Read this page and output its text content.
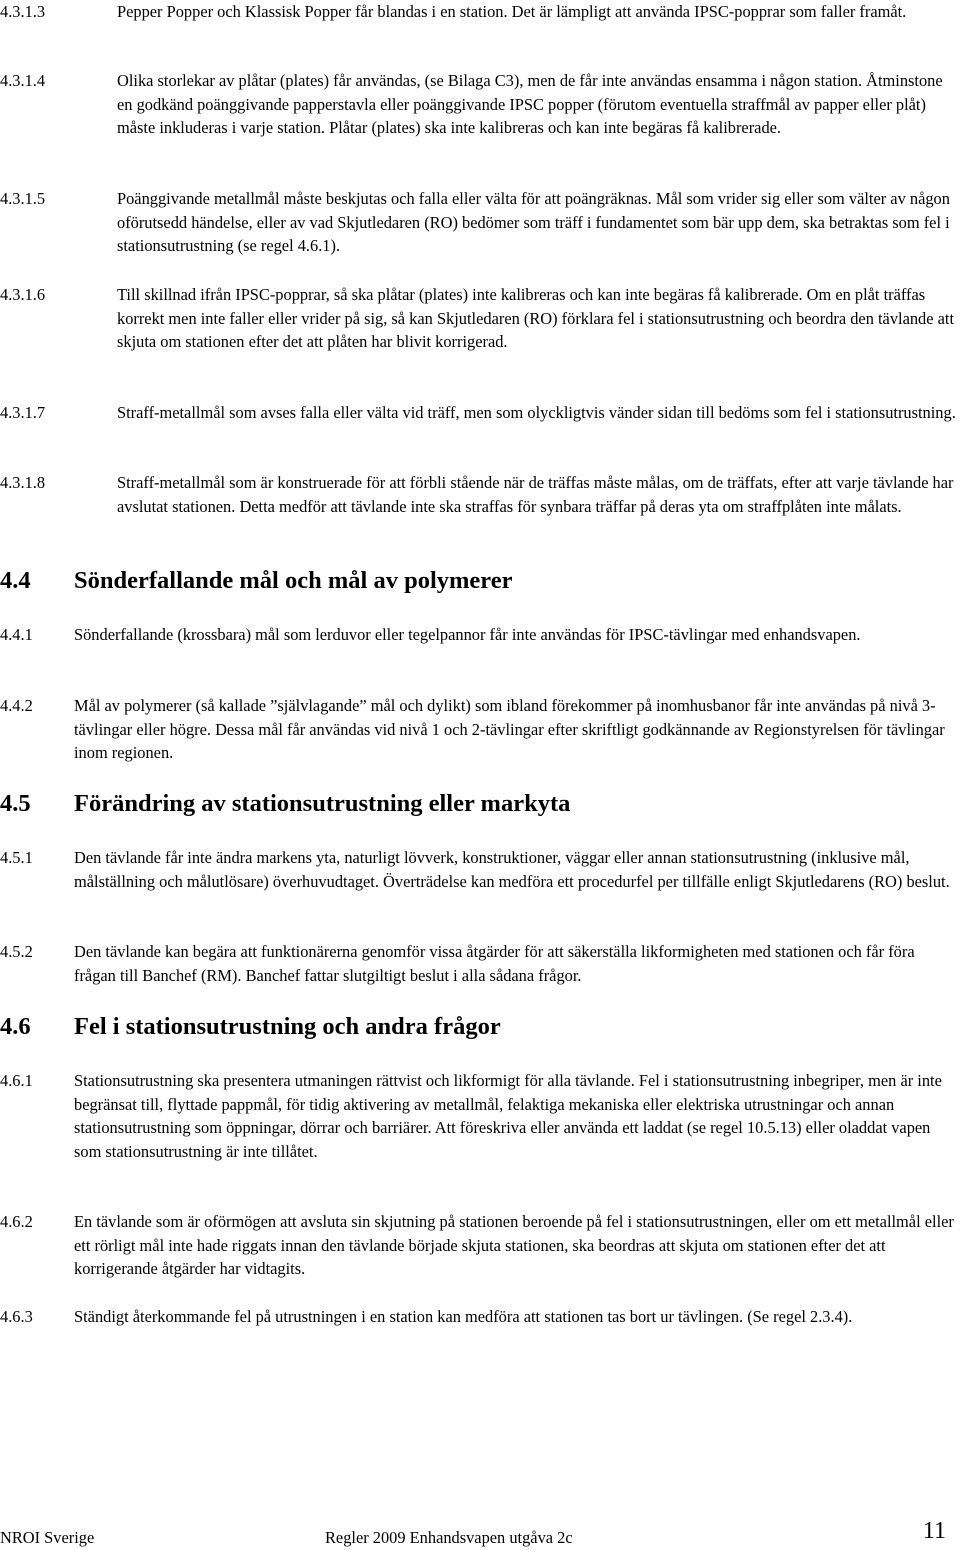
4.3.1.3	Pepper Popper och Klassisk Popper får blandas i en station. Det är lämpligt att använda IPSC-popprar som faller framåt.
4.3.1.4	Olika storlekar av plåtar (plates) får användas, (se Bilaga C3), men de får inte användas ensamma i någon station. Åtminstone en godkänd poänggivande papperstavla eller poänggivande IPSC popper (förutom eventuella straffmål av papper eller plåt) måste inkluderas i varje station. Plåtar (plates) ska inte kalibreras och kan inte begäras få kalibrerade.
4.3.1.5	Poänggivande metallmål måste beskjutas och falla eller välta för att poängräknas. Mål som vrider sig eller som välter av någon oförutsedd händelse, eller av vad Skjutledaren (RO) bedömer som träff i fundamentet som bär upp dem, ska betraktas som fel i stationsutrustning (se regel 4.6.1).
4.3.1.6	Till skillnad ifrån IPSC-popprar, så ska plåtar (plates) inte kalibreras och kan inte begäras få kalibrerade. Om en plåt träffas korrekt men inte faller eller vrider på sig, så kan Skjutledaren (RO) förklara fel i stationsutrustning och beordra den tävlande att skjuta om stationen efter det att plåten har blivit korrigerad.
4.3.1.7	Straff-metallmål som avses falla eller välta vid träff, men som olyckligtvis vänder sidan till bedöms som fel i stationsutrustning.
4.3.1.8	Straff-metallmål som är konstruerade för att förbli stående när de träffas måste målas, om de träffats, efter att varje tävlande har avslutat stationen. Detta medför att tävlande inte ska straffas för synbara träffar på deras yta om straffplåten inte målats.
4.4 Sönderfallande mål och mål av polymerer
4.4.1	Sönderfallande (krossbara) mål som lerduvor eller tegelpannor får inte användas för IPSC-tävlingar med enhandsvapen.
4.4.2	Mål av polymerer (så kallade ”självlagande” mål och dylikt) som ibland förekommer på inomhusbanor får inte användas på nivå 3-tävlingar eller högre. Dessa mål får användas vid nivå 1 och 2-tävlingar efter skriftligt godkännande av Regionstyrelsen för tävlingar inom regionen.
4.5 Förändring av stationsutrustning eller markyta
4.5.1	Den tävlande får inte ändra markens yta, naturligt lövverk, konstruktioner, väggar eller annan stationsutrustning (inklusive mål, målställning och målutlösare) överhuvudtaget. Överträdelse kan medföra ett procedurfel per tillfälle enligt Skjutledarens (RO) beslut.
4.5.2	Den tävlande kan begära att funktionärerna genomför vissa åtgärder för att säkerställa likformigheten med stationen och får föra frågan till Banchef (RM). Banchef fattar slutgiltigt beslut i alla sådana frågor.
4.6 Fel i stationsutrustning och andra frågor
4.6.1	Stationsutrustning ska presentera utmaningen rättvist och likformigt för alla tävlande. Fel i stationsutrustning inbegriper, men är inte begränsat till, flyttade pappmål, för tidig aktivering av metallmål, felaktiga mekaniska eller elektriska utrustningar och annan stationsutrustning som öppningar, dörrar och barriärer. Att föreskriva eller använda ett laddat (se regel 10.5.13) eller oladdat vapen som stationsutrustning är inte tillåtet.
4.6.2	En tävlande som är oförmögen att avsluta sin skjutning på stationen beroende på fel i stationsutrustningen, eller om ett metallmål eller ett rörligt mål inte hade riggats innan den tävlande började skjuta stationen, ska beordras att skjuta om stationen efter det att korrigerande åtgärder har vidtagits.
4.6.3	Ständigt återkommande fel på utrustningen i en station kan medföra att stationen tas bort ur tävlingen. (Se regel 2.3.4).
NROI Sverige	Regler 2009 Enhandsvapen utgåva 2c	11
